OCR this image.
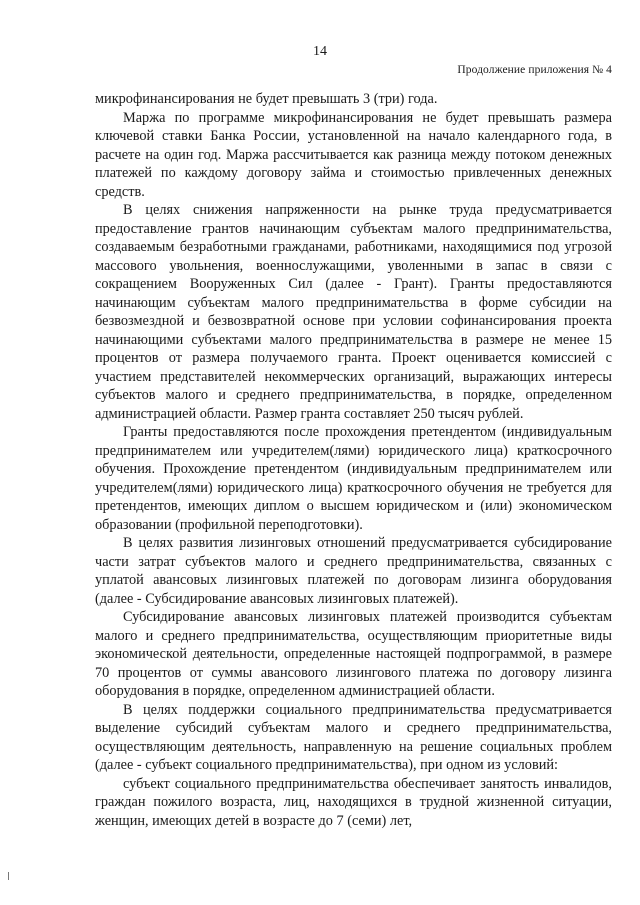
14
Продолжение приложения № 4

микрофинансирования не будет превышать 3 (три) года.

Маржа по программе микрофинансирования не будет превышать размера ключевой ставки Банка России, установленной на начало календарного года, в расчете на один год. Маржа рассчитывается как разница между потоком денежных платежей по каждому договору займа и стоимостью привлеченных денежных средств.

В целях снижения напряженности на рынке труда предусматривается предоставление грантов начинающим субъектам малого предпринимательства, создаваемым безработными гражданами, работниками, находящимися под угрозой массового увольнения, военнослужащими, уволенными в запас в связи с сокращением Вооруженных Сил (далее - Грант). Гранты предоставляются начинающим субъектам малого предпринимательства в форме субсидии на безвозмездной и безвозвратной основе при условии софинансирования проекта начинающими субъектами малого предпринимательства в размере не менее 15 процентов от размера получаемого гранта. Проект оценивается комиссией с участием представителей некоммерческих организаций, выражающих интересы субъектов малого и среднего предпринимательства, в порядке, определенном администрацией области. Размер гранта составляет 250 тысяч рублей.

Гранты предоставляются после прохождения претендентом (индивидуальным предпринимателем или учредителем(лями) юридического лица) краткосрочного обучения. Прохождение претендентом (индивидуальным предпринимателем или учредителем(лями) юридического лица) краткосрочного обучения не требуется для претендентов, имеющих диплом о высшем юридическом и (или) экономическом образовании (профильной переподготовки).

В целях развития лизинговых отношений предусматривается субсидирование части затрат субъектов малого и среднего предпринимательства, связанных с уплатой авансовых лизинговых платежей по договорам лизинга оборудования (далее - Субсидирование авансовых лизинговых платежей).

Субсидирование авансовых лизинговых платежей производится субъектам малого и среднего предпринимательства, осуществляющим приоритетные виды экономической деятельности, определенные настоящей подпрограммой, в размере 70 процентов от суммы авансового лизингового платежа по договору лизинга оборудования в порядке, определенном администрацией области.

В целях поддержки социального предпринимательства предусматривается выделение субсидий субъектам малого и среднего предпринимательства, осуществляющим деятельность, направленную на решение социальных проблем (далее - субъект социального предпринимательства), при одном из условий:

субъект социального предпринимательства обеспечивает занятость инвалидов, граждан пожилого возраста, лиц, находящихся в трудной жизненной ситуации, женщин, имеющих детей в возрасте до 7 (семи) лет,
